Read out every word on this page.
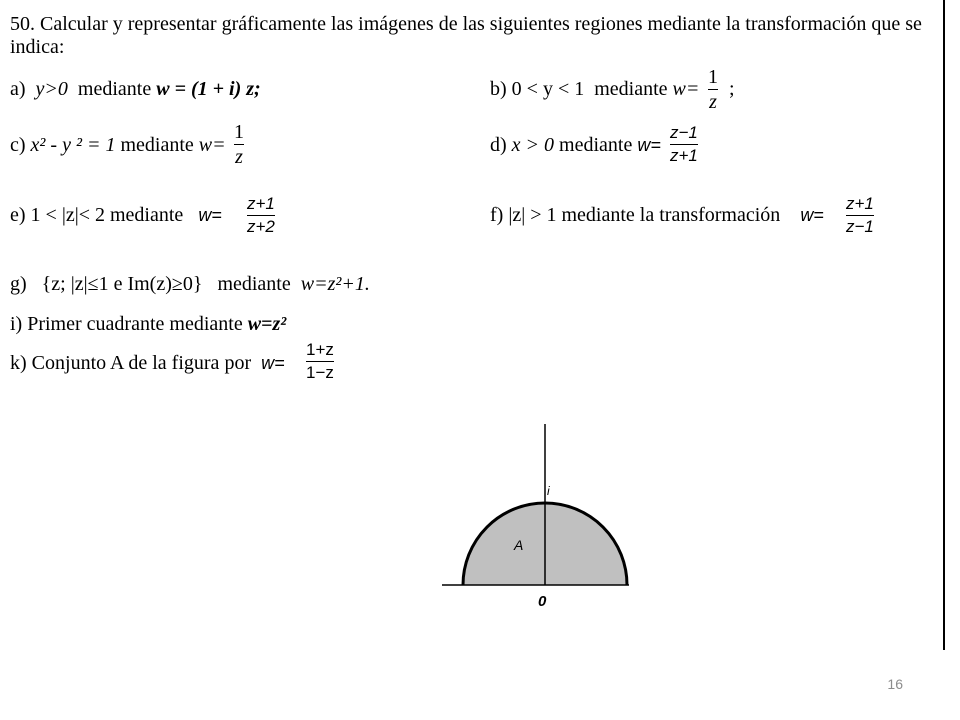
50. Calcular y representar gráficamente las imágenes de las siguientes regiones mediante la transformación que se indica:
a) y>0 mediante w = (1 + i) z;	b) 0 < y < 1 mediante w=
1
z
;
c) x² - y ² = 1 mediante w=
1
z
d) x > 0 mediante w=
z−1
z+1
e) 1 < |z|< 2 mediante w=
z+1
z+2
f) |z| > 1 mediante la transformación w=
z+1
z−1
g) {z; |z|≤1 e Im(z)≥0} mediante w=z²+1.
i) Primer cuadrante mediante w=z²
k) Conjunto A de la figura por w=
1+z
1−z
A
i
0
16
